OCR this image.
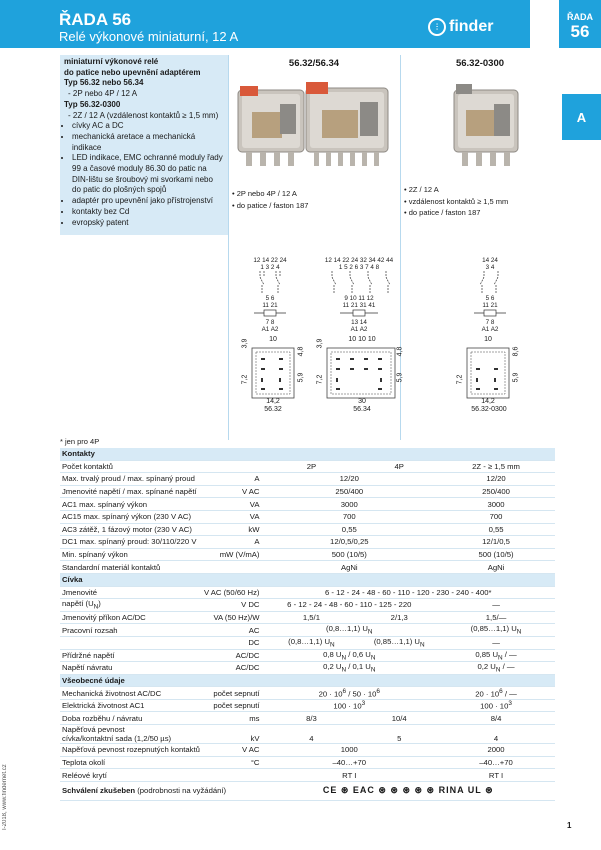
ŘADA 56
Relé výkonové miniaturní, 12 A
⫶ finder
ŘADA
56
A
miniaturní výkonové relé
do patice nebo upevnění adaptérem
Typ 56.32 nebo 56.34
- 2P nebo 4P / 12 A
Typ 56.32-0300
- 2Z / 12 A (vzdálenost kontaktů ≥ 1,5 mm)
• cívky AC a DC
• mechanická aretace a mechanická indikace
• LED indikace, EMC ochranné moduly řady 99 a časové moduly 86.30 do patic na DIN-lištu se šroubový mi svorkami nebo do patic do plošných spojů
• adaptér pro upevnění jako přístrojenství
• kontakty bez Cd
• evropský patent
56.32/56.34	56.32-0300
• 2P nebo 4P / 12 A
• do patice / faston 187
• 2Z / 12 A
• vzdálenost kontaktů ≥ 1,5 mm
• do patice / faston 187
12 14 22 24
1 3 2 4
5 6
11 21
7 8
A1 A2
12 14 22 24 32 34 42 44
1 5 2 6 3 7 4 8
9 10 11 12
11 21 31 41
13 14
A1 A2
14 24
3 4
5 6
11 21
7 8
A1 A2
10
3,9
7,2
4,8
5,9
14,2
56.32
10 10 10
3,9
7,2
4,8
5,9
30
56.34
10
7,2
8,6
5,9
14,2
56.32-0300
* jen pro 4P
Kontakty				
Počet kontaktů		2P	4P	2Z - ≥ 1,5 mm
Max. trvalý proud / max. spínaný proud	A	12/20		12/20
Jmenovité napětí / max. spínané napětí	V AC	250/400		250/400
AC1 max. spínaný výkon	VA	3000		3000
AC15 max. spínaný výkon (230 V AC)	VA	700		700
AC3 zátěž, 1 fázový motor (230 V AC)	kW	0,55		0,55
DC1 max. spínaný proud: 30/110/220 V	A	12/0,5/0,25		12/1/0,5
Min. spínaný výkon	mW (V/mA)	500 (10/5)		500 (10/5)
Standardní materiál kontaktů		AgNi		AgNi
Cívka				
Jmenovité	V AC (50/60 Hz)	6 - 12 - 24 - 48 - 60 - 110 - 120 - 230 - 240 - 400*		
napětí $(U_N)$	V DC	6 - 12 - 24 - 48 - 60 - 110 - 125 - 220		—
Jmenovitý příkon AC/DC	VA (50 Hz)/W	1,5/1	2/1,3	1,5/—
Pracovní rozsah	AC	(0,8…1,1) $U_N$		(0,85…1,1) $U_N$
	DC	(0,8…1,1) $U_N$	(0,85…1,1) $U_N$	—
Přídržné napětí	AC/DC	0,8 $U_N / 0,6$ $U_N$		0,85 $U_N$ / —
Napětí návratu	AC/DC	0,2 $U_N / 0,1$ $U_N$		0,2 $U_N$ / —
Všeobecné údaje				
Mechanická životnost AC/DC	počet sepnutí	$20 \cdot 10^6 / 50 \cdot 10^6$		$20 \cdot 10^6$ / —
Elektrická životnost AC1	počet sepnutí	$100 \cdot 10^3$		$100 \cdot 10^3$
Doba rozběhu / návratu	ms	8/3	10/4	8/4
Napěťová pevnost
cívka/kontaktní sada (1,2/50 µs)	kV	4	5	4
Napěťová pevnost rozepnutých kontaktů	V AC	1000		2000
Teplota okolí	°C	–40…+70		–40…+70
Reléové krytí		RT I		RT I
Schválení zkušeben (podrobnosti na vyžádání)		CE ⊛ EAC ⊛ ⊛ ⊛ ⊛ ⊛ RINA UL ⊛		
I-2018, www.findernet.cz	1
